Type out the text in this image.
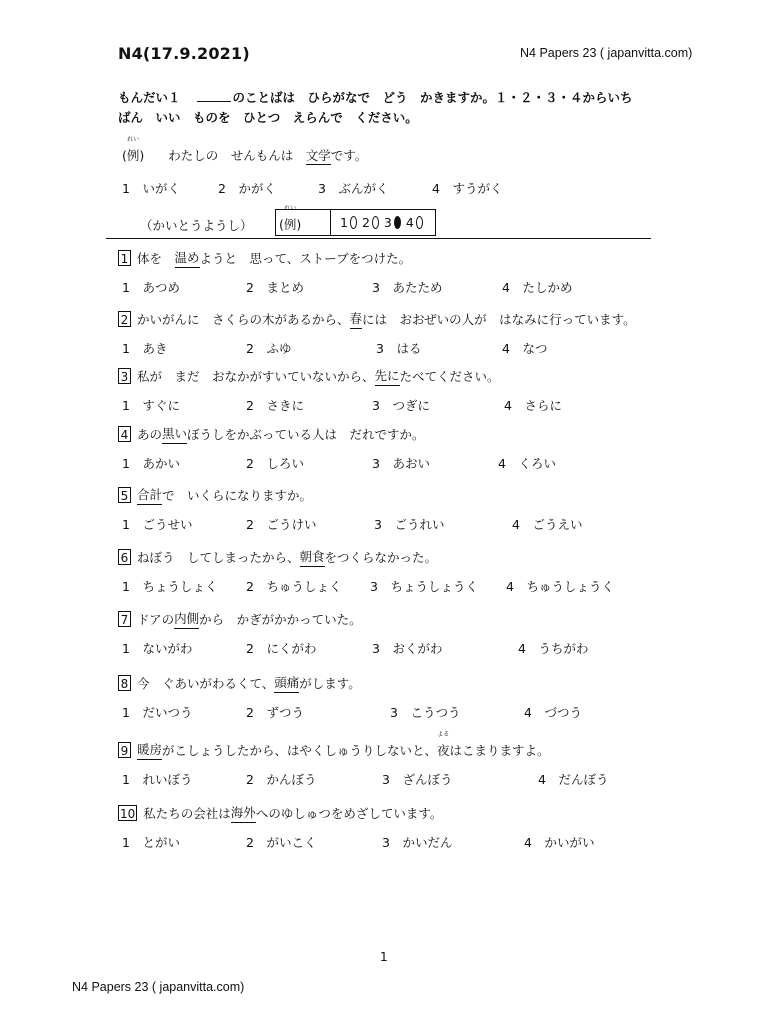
N4(17.9.2021)	N4 Papers 23 ( japanvitta.com)
もんだい１	のことばは　ひらがなで　どう　かきますか。１・２・３・４からいち
ばん　いい　ものを　ひとつ　えらんで　ください。
れい
(例) わたしの　せんもんは　文学です。
1　いがく	2　かがく	3　ぶんがく	4　すうがく
（かいとうようし）
れい
(例)	1 2 3 4
1 体を　 温め ようと　思って、ストーブをつけた。
1　あつめ	2　まとめ	3　あたため	4　たしかめ
2 かいがんに　さくらの木があるから、 春 には　おおぜいの人が　はなみに行っています。
1　あき	2　ふゆ	3　はる	4　なつ
3 私が　まだ　おなかがすいていないから、 先に たべてください。
1　すぐに	2　さきに	3　つぎに	4　さらに
4 あの 黒い ぼうしをかぶっている人は　だれですか。
1　あかい	2　しろい	3　あおい	4　くろい
5 合計 で　いくらになりますか。
1　ごうせい	2　ごうけい	3　ごうれい	4　ごうえい
6 ねぼう　してしまったから、 朝食 をつくらなかった。
1　ちょうしょく 2　ちゅうしょく 3　ちょうしょうく 4　ちゅうしょうく
7 ドアの 内側 から　かぎがかかっていた。
1　ないがわ	2　にくがわ	3　おくがわ	4　うちがわ
8 今　ぐあいがわるくて、 頭痛 がします。
1　だいつう	2　ずつう	3　こうつう	4　づつう
9 暖房 がこしょうしたから、はやくしゅうりしないと、
よる
夜 はこまりますよ。
1　れいぼう	2　かんぼう	3　ざんぼう	4　だんぼう
10 私たちの会社は 海外 へのゆしゅつをめざしています。
1　とがい	2　がいこく	3　かいだん	4　かいがい
1
N4 Papers 23 ( japanvitta.com)
